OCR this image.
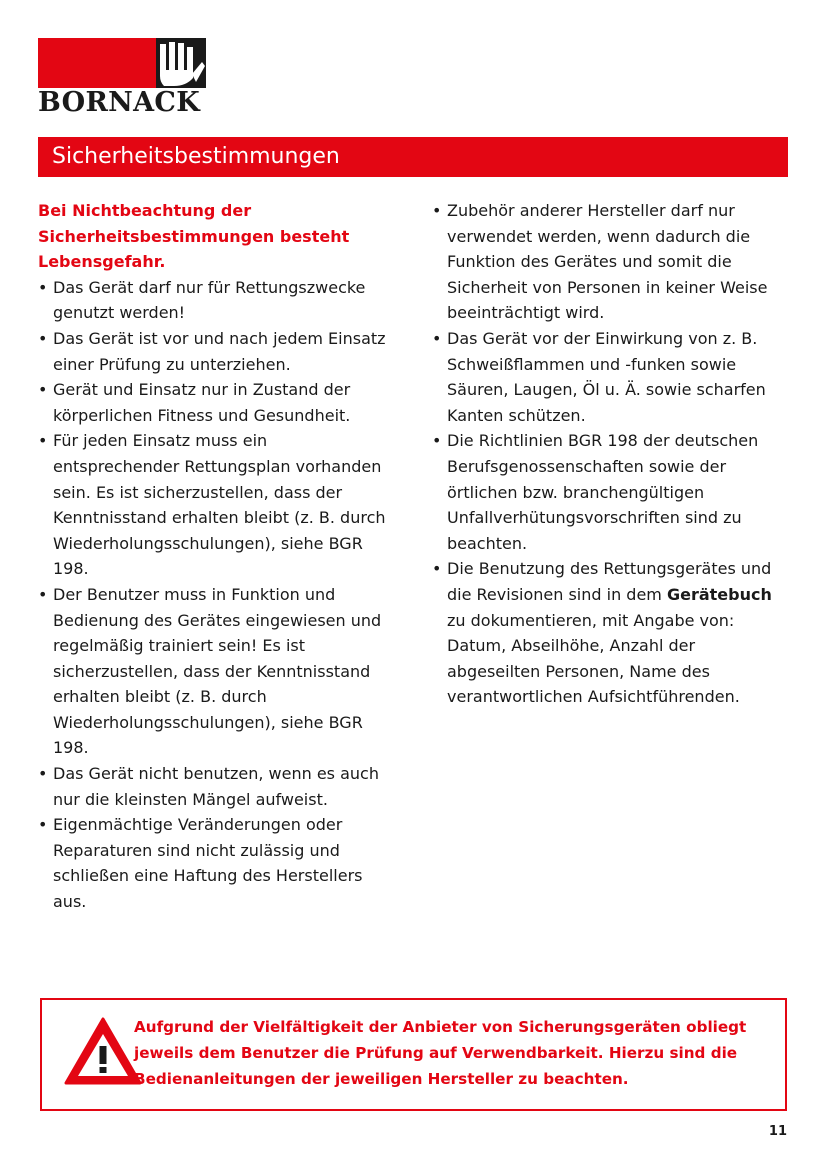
BORNACK
Sicherheitsbestimmungen

Bei Nichtbeachtung der Sicherheitsbestimmungen besteht Lebensgefahr.

• Das Gerät darf nur für Rettungszwecke genutzt werden!
• Das Gerät ist vor und nach jedem Einsatz einer Prüfung zu unterziehen.
• Gerät und Einsatz nur in Zustand der körperlichen Fitness und Gesundheit.
• Für jeden Einsatz muss ein entsprechender Rettungsplan vorhanden sein. Es ist sicherzustellen, dass der Kenntnisstand erhalten bleibt (z. B. durch Wiederholungsschulungen), siehe BGR 198.
• Der Benutzer muss in Funktion und Bedienung des Gerätes eingewiesen und regelmäßig trainiert sein! Es ist sicherzustellen, dass der Kenntnisstand erhalten bleibt (z. B. durch Wiederholungsschulungen), siehe BGR 198.
• Das Gerät nicht benutzen, wenn es auch nur die kleinsten Mängel aufweist.
• Eigenmächtige Veränderungen oder Reparaturen sind nicht zulässig und schließen eine Haftung des Herstellers aus.
• Zubehör anderer Hersteller darf nur verwendet werden, wenn dadurch die Funktion des Gerätes und somit die Sicherheit von Personen in keiner Weise beeinträchtigt wird.
• Das Gerät vor der Einwirkung von z. B. Schweißflammen und -funken sowie Säuren, Laugen, Öl u. Ä. sowie scharfen Kanten schützen.
• Die Richtlinien BGR 198 der deutschen Berufsgenossenschaften sowie der örtlichen bzw. branchengültigen Unfallverhütungsvorschriften sind zu beachten.
• Die Benutzung des Rettungsgerätes und die Revisionen sind in dem Gerätebuch zu dokumentieren, mit Angabe von: Datum, Abseilhöhe, Anzahl der abgeseilten Personen, Name des verantwortlichen Aufsichtführenden.

Aufgrund der Vielfältigkeit der Anbieter von Sicherungsgeräten obliegt jeweils dem Benutzer die Prüfung auf Verwendbarkeit. Hierzu sind die Bedienanleitungen der jeweiligen Hersteller zu beachten.

11
